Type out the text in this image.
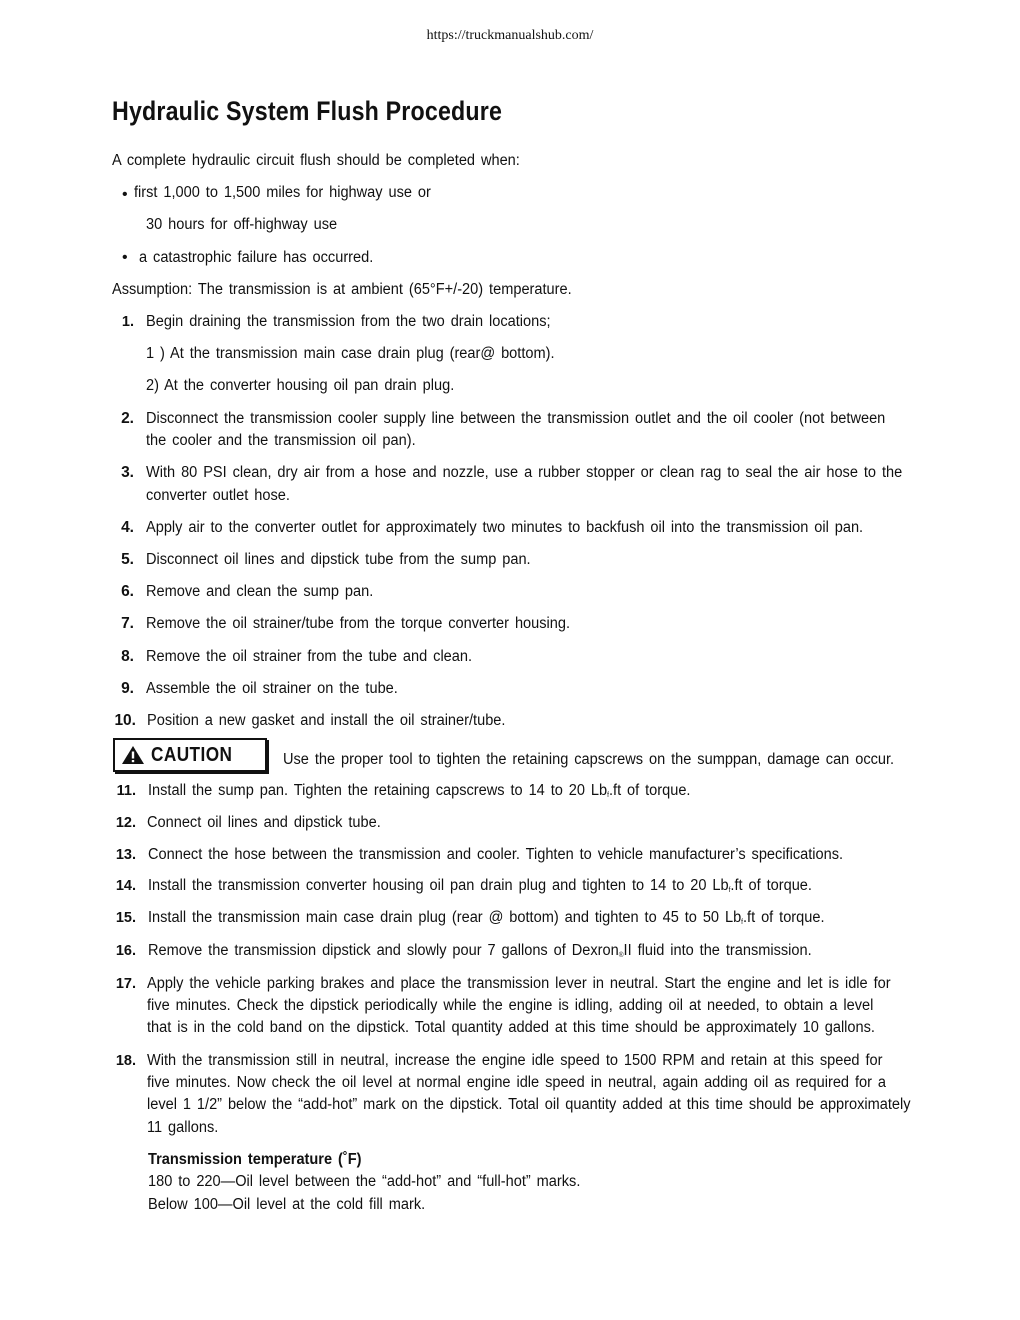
https://truckmanualshub.com/
Hydraulic System Flush Procedure
A complete hydraulic circuit flush should be completed when:
• first 1,000 to 1,500 miles for highway use or
30 hours for off-highway use
• a catastrophic failure has occurred.
Assumption: The transmission is at ambient (65°F+/-20) temperature.
1. Begin draining the transmission from the two drain locations;
1 ) At the transmission main case drain plug (rear@ bottom).
2) At the converter housing oil pan drain plug.
2. Disconnect the transmission cooler supply line between the transmission outlet and the oil cooler (not between
the cooler and the transmission oil pan).
3. With 80 PSI clean, dry air from a hose and nozzle, use a rubber stopper or clean rag to seal the air hose to the
converter outlet hose.
4. Apply air to the converter outlet for approximately two minutes to backfush oil into the transmission oil pan.
5. Disconnect oil lines and dipstick tube from the sump pan.
6. Remove and clean the sump pan.
7. Remove the oil strainer/tube from the torque converter housing.
8. Remove the oil strainer from the tube and clean.
9. Assemble the oil strainer on the tube.
10. Position a new gasket and install the oil strainer/tube.
CAUTION	Use the proper tool to tighten the retaining capscrews on the sumppan, damage can occur.
11. Install the sump pan. Tighten the retaining capscrews to 14 to 20 $Lb_f.ft$ of torque.
12. Connect oil lines and dipstick tube.
13. Connect the hose between the transmission and cooler. Tighten to vehicle manufacturer’s specifications.
14. Install the transmission converter housing oil pan drain plug and tighten to 14 to 20 $Lb_f.ft$ of torque.
15. Install the transmission main case drain plug (rear @ bottom) and tighten to 45 to 50 $Lb_f.ft$ of torque.
16. Remove the transmission dipstick and slowly pour 7 gallons of Dexron$_®$II fluid into the transmission.
17. Apply the vehicle parking brakes and place the transmission lever in neutral. Start the engine and let is idle for
five minutes. Check the dipstick periodically while the engine is idling, adding oil at needed, to obtain a level
that is in the cold band on the dipstick. Total quantity added at this time should be approximately 10 gallons.
18. With the transmission still in neutral, increase the engine idle speed to 1500 RPM and retain at this speed for
five minutes. Now check the oil level at normal engine idle speed in neutral, again adding oil as required for a
level 1 1/2” below the “add-hot” mark on the dipstick. Total oil quantity added at this time should be approximately
11 gallons.
Transmission temperature (˚F)
180 to 220—Oil level between the “add-hot” and “full-hot” marks.
Below 100—Oil level at the cold fill mark.
